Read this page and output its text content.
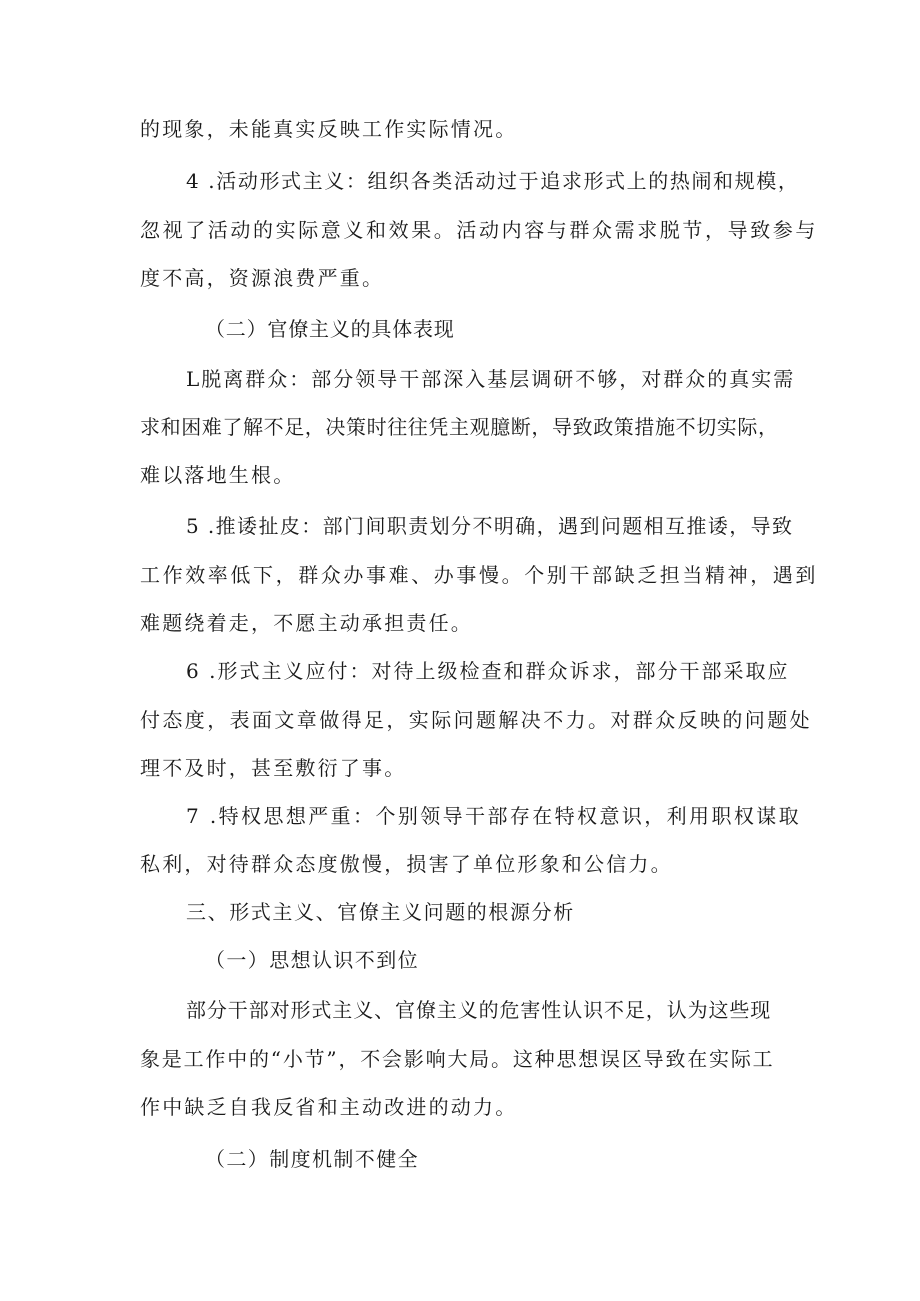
的现象，未能真实反映工作实际情况。

4 .活动形式主义：组织各类活动过于追求形式上的热闹和规模，

忽视了活动的实际意义和效果。活动内容与群众需求脱节，导致参与

度不高，资源浪费严重。

（二）官僚主义的具体表现

L脱离群众：部分领导干部深入基层调研不够，对群众的真实需

求和困难了解不足，决策时往往凭主观臆断，导致政策措施不切实际，

难以落地生根。

5 .推诿扯皮：部门间职责划分不明确，遇到问题相互推诿，导致

工作效率低下，群众办事难、办事慢。个别干部缺乏担当精神，遇到

难题绕着走，不愿主动承担责任。

6 .形式主义应付：对待上级检查和群众诉求，部分干部采取应

付态度，表面文章做得足，实际问题解决不力。对群众反映的问题处

理不及时，甚至敷衍了事。

7 .特权思想严重：个别领导干部存在特权意识，利用职权谋取

私利，对待群众态度傲慢，损害了单位形象和公信力。

三、形式主义、官僚主义问题的根源分析

（一）思想认识不到位

部分干部对形式主义、官僚主义的危害性认识不足，认为这些现

象是工作中的“小节”，不会影响大局。这种思想误区导致在实际工

作中缺乏自我反省和主动改进的动力。

（二）制度机制不健全
